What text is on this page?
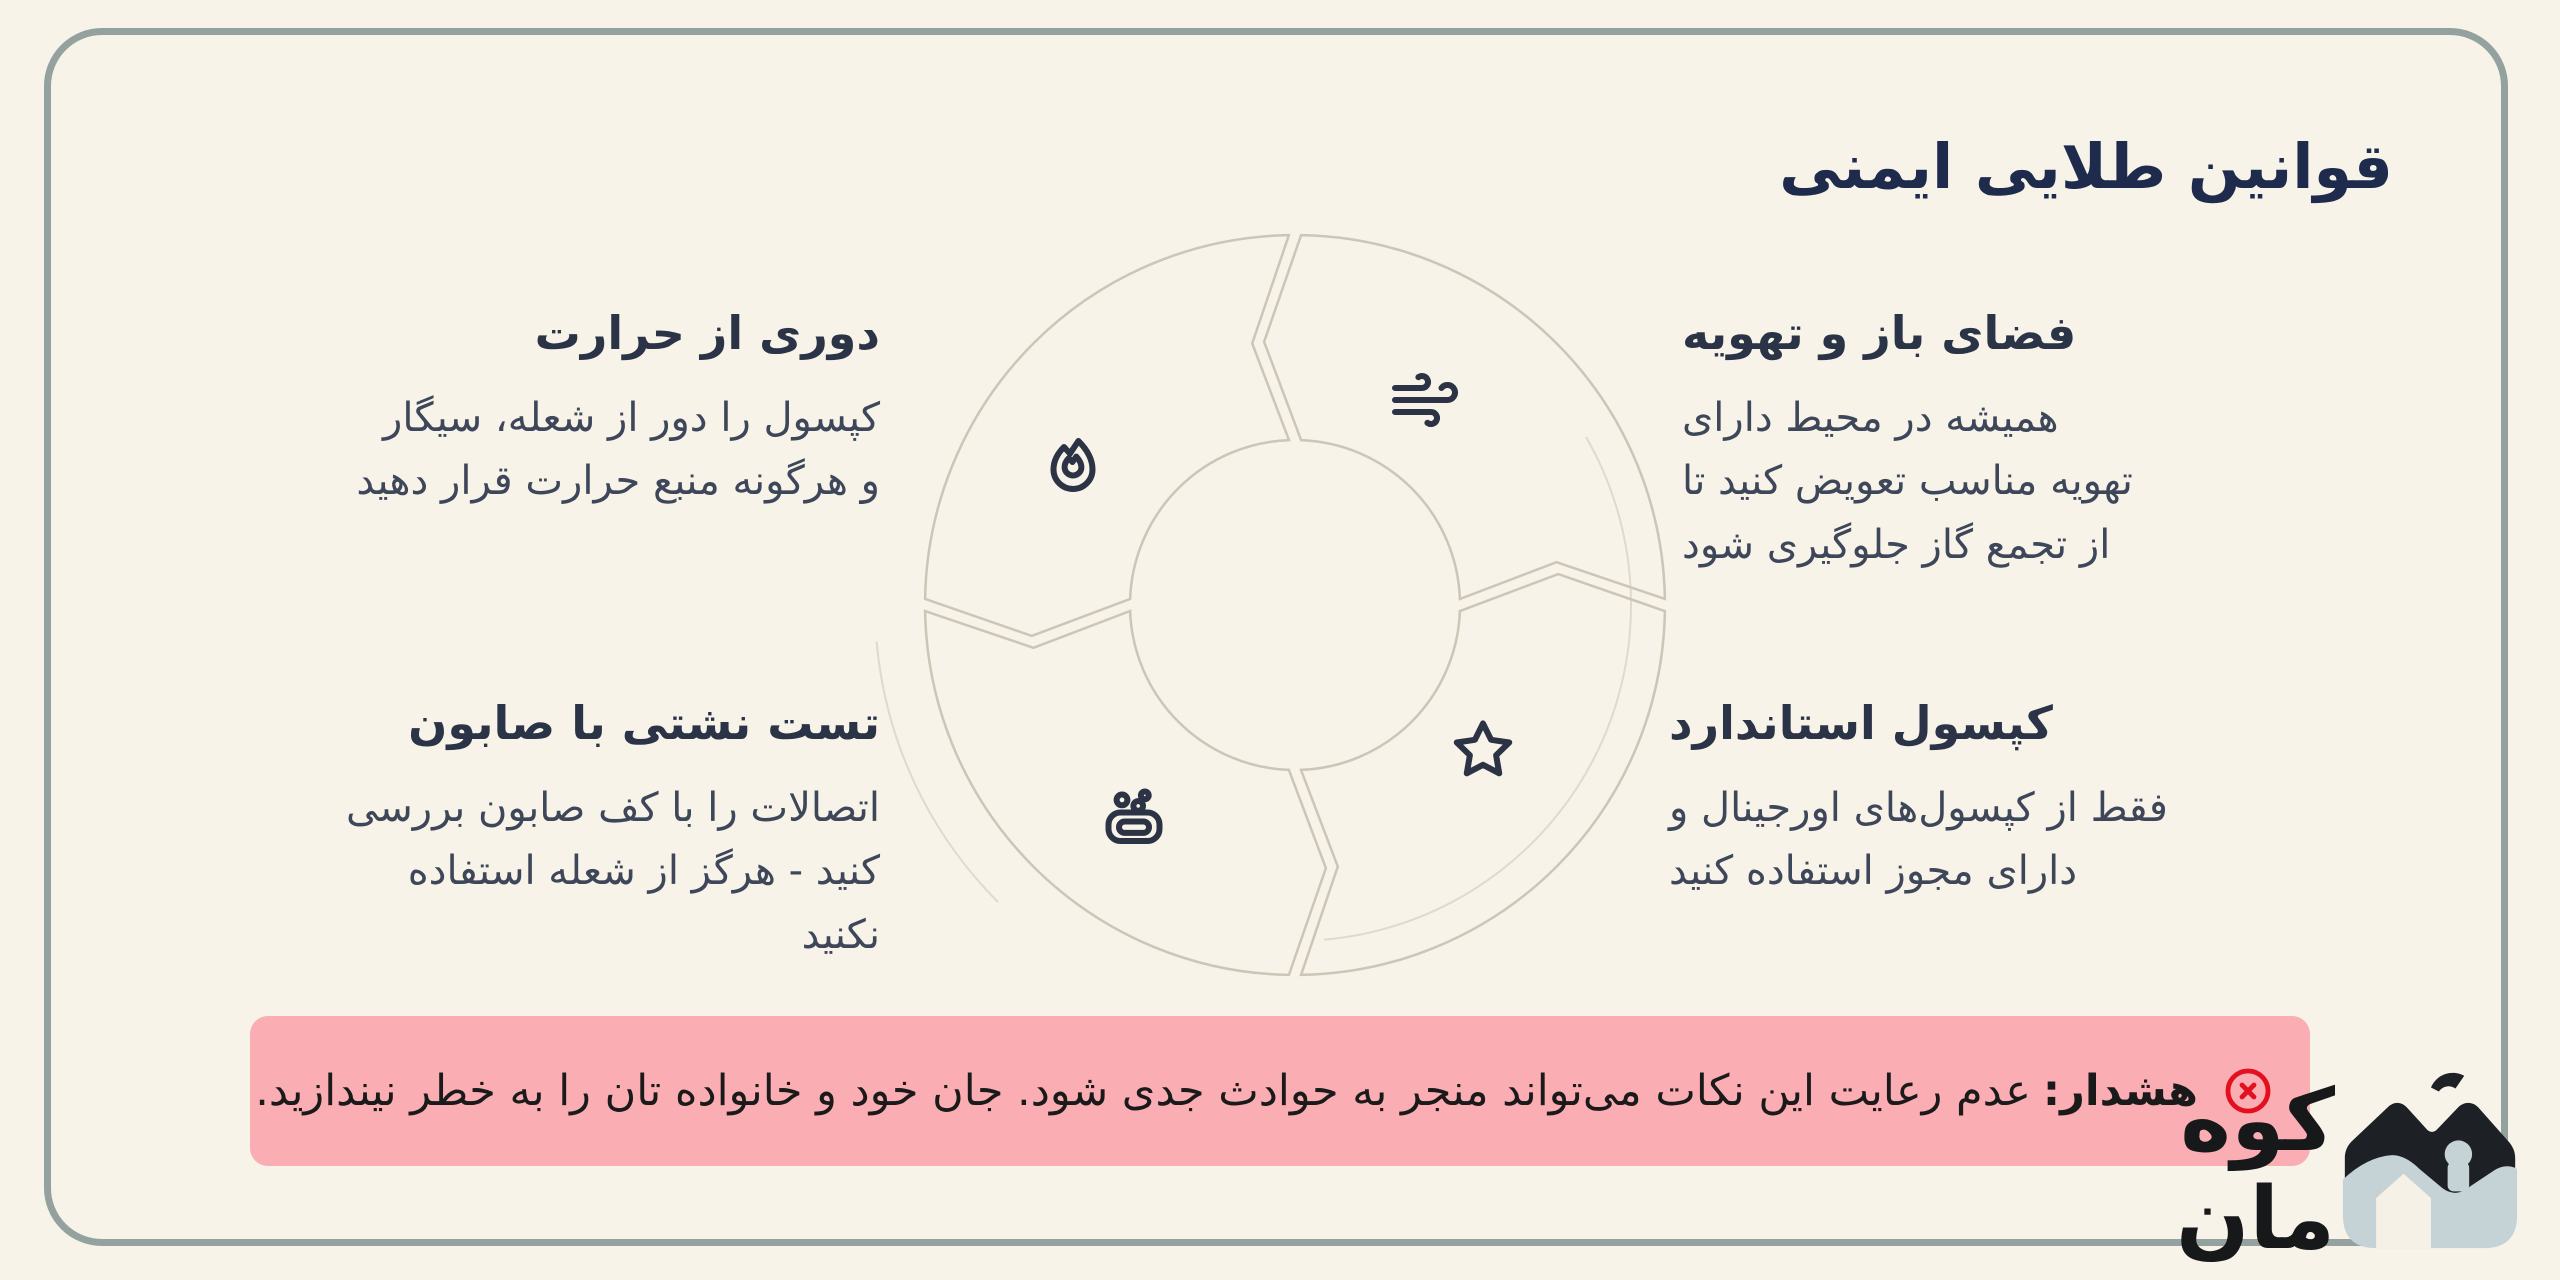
قوانین طلایی ایمنی
فضای باز و تهویه

همیشه در محیط دارای تهویه مناسب تعویض کنید تا از تجمع گاز جلوگیری شود

دوری از حرارت

کپسول را دور از شعله، سیگار و هرگونه منبع حرارت قرار دهید

کپسول استاندارد

فقط از کپسول‌های اورجینال و دارای مجوز استفاده کنید

تست نشتی با صابون

اتصالات را با کف صابون بررسی کنید - هرگز از شعله استفاده نکنید

هشدار:عدم رعایت این نکات می‌تواند منجر به حوادث جدی شود. جان خود و خانواده تان را به خطر نیندازید.	کوه
مان
